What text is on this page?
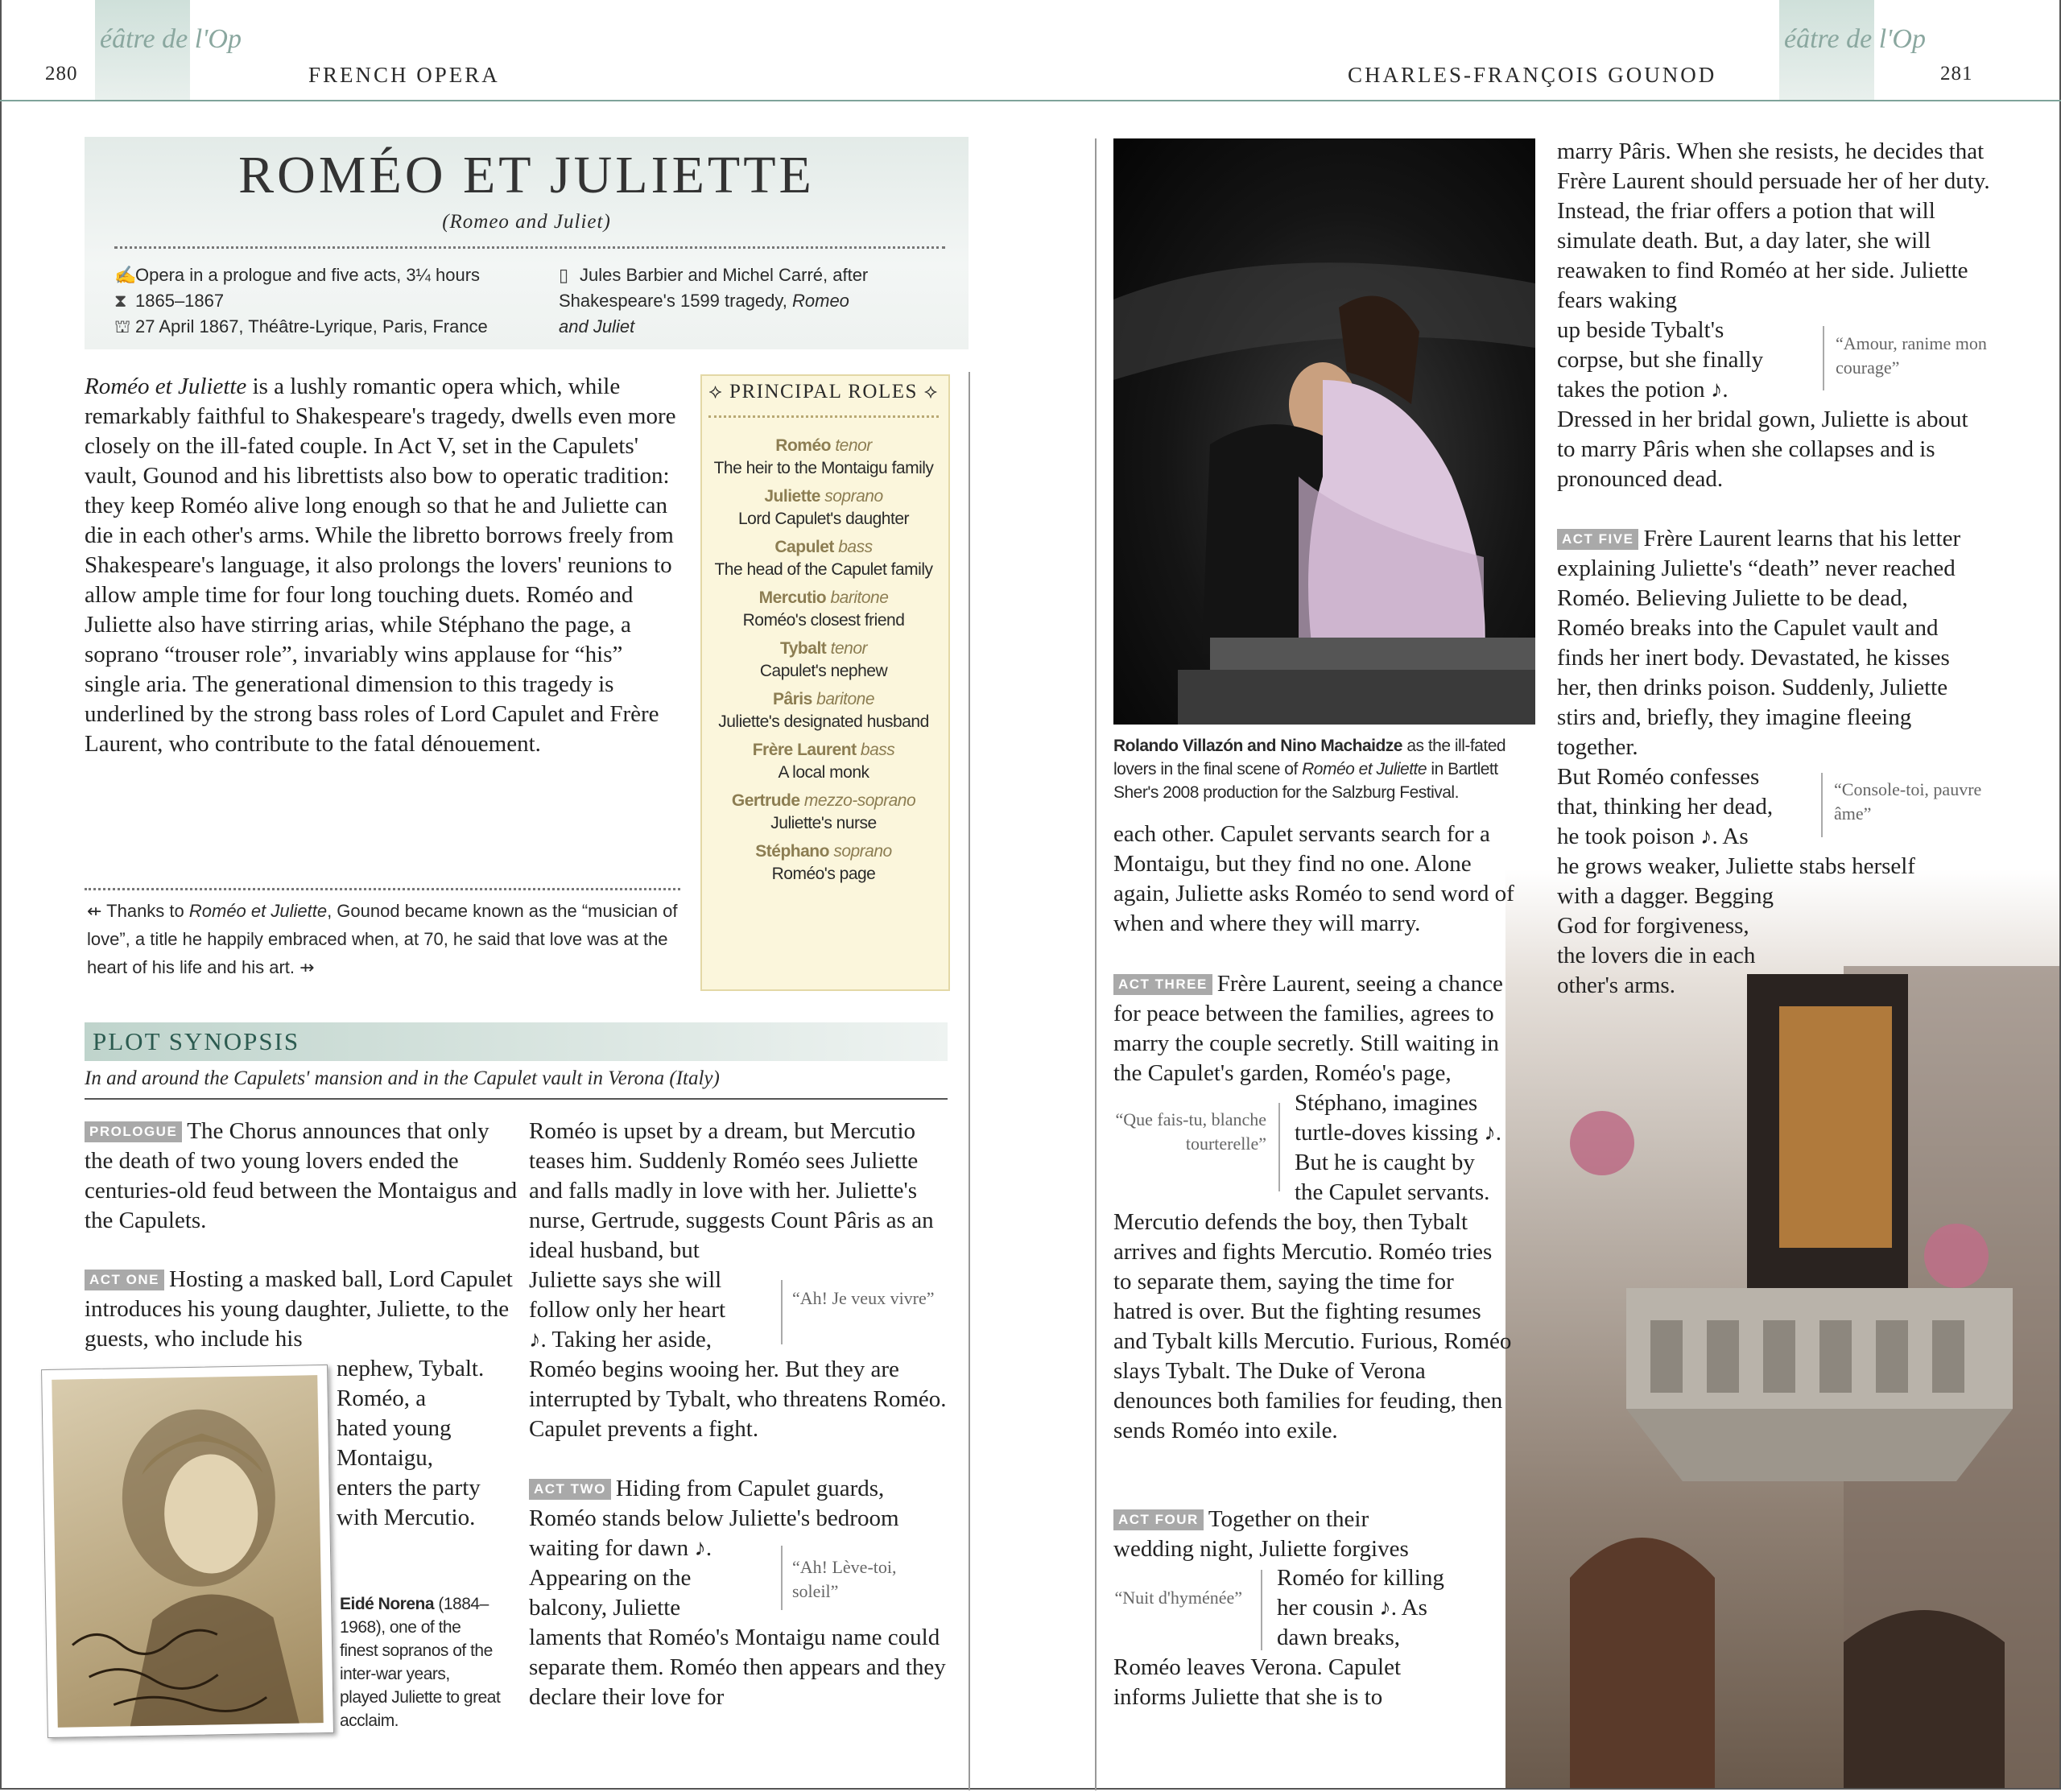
éâtre de l'Op	éâtre de l'Op
280	FRENCH OPERA	CHARLES-FRANÇOIS GOUNOD	281
ROMÉO ET JULIETTE
(Romeo and Juliet)
✍Opera in a prologue and five acts, 3¼ hours
⧗ 1865–1867
⛫ 27 April 1867, Théâtre-Lyrique, Paris, France
▯ Jules Barbier and Michel Carré, after
Shakespeare's 1599 tragedy, Romeo
and Juliet

Roméo et Juliette is a lushly romantic opera which, while remarkably faithful to Shakespeare's tragedy, dwells even more closely on the ill-fated couple. In Act V, set in the Capulets' vault, Gounod and his librettists also bow to operatic tradition: they keep Roméo alive long enough so that he and Juliette can die in each other's arms. While the libretto borrows freely from Shakespeare's language, it also prolongs the lovers' reunions to allow ample time for four long touching duets. Roméo and Juliette also have stirring arias, while Stéphano the page, a soprano “trouser role”, invariably wins applause for “his” single aria. The generational dimension to this tragedy is underlined by the strong bass roles of Lord Capulet and Frère Laurent, who contribute to the fatal dénouement.

⇷ Thanks to Roméo et Juliette, Gounod became known as the “musician of love”, a title he happily embraced when, at 70, he said that love was at the heart of his life and his art. ⇸
⟡ PRINCIPAL ROLES ⟡
Roméo tenor
The heir to the Montaigu family
Juliette soprano
Lord Capulet's daughter
Capulet bass
The head of the Capulet family
Mercutio baritone
Roméo's closest friend
Tybalt tenor
Capulet's nephew
Pâris baritone
Juliette's designated husband
Frère Laurent bass
A local monk
Gertrude mezzo-soprano
Juliette's nurse
Stéphano soprano
Roméo's page
PLOT SYNOPSIS
In and around the Capulets' mansion and in the Capulet vault in Verona (Italy)

PROLOGUE The Chorus announces that only the death of two young lovers ended the centuries-old feud between the Montaigus and the Capulets.

ACT ONE Hosting a masked ball, Lord Capulet introduces his young daughter, Juliette, to the guests, who include his

nephew, Tybalt.
Roméo, a
hated young
Montaigu,
enters the party
with Mercutio.
Eidé Norena (1884–1968), one of the finest sopranos of the inter-war years, played Juliette to great acclaim.

Roméo is upset by a dream, but Mercutio teases him. Suddenly Roméo sees Juliette and falls madly in love with her. Juliette's nurse, Gertrude, suggests Count Pâris as an ideal husband, but

Juliette says she will
follow only her heart
♪. Taking her aside,
“Ah! Je veux vivre”

Roméo begins wooing her. But they are interrupted by Tybalt, who threatens Roméo. Capulet prevents a fight.

ACT TWO Hiding from Capulet guards, Roméo stands below Juliette's bedroom

waiting for dawn ♪.
Appearing on the
balcony, Juliette
“Ah! Lève-toi, soleil”

laments that Roméo's Montaigu name could separate them. Roméo then appears and they declare their love for

Rolando Villazón and Nino Machaidze as the ill-fated lovers in the final scene of Roméo et Juliette in Bartlett Sher's 2008 production for the Salzburg Festival.

each other. Capulet servants search for a Montaigu, but they find no one. Alone again, Juliette asks Roméo to send word of when and where they will marry.

ACT THREE Frère Laurent, seeing a chance for peace between the families, agrees to marry the couple secretly. Still waiting in the Capulet's garden, Roméo's page,

“Que fais-tu, blanche tourterelle”
Stéphano, imagines
turtle-doves kissing ♪.
But he is caught by
the Capulet servants.

Mercutio defends the boy, then Tybalt arrives and fights Mercutio. Roméo tries to separate them, saying the time for hatred is over. But the fighting resumes and Tybalt kills Mercutio. Furious, Roméo slays Tybalt. The Duke of Verona denounces both families for feuding, then sends Roméo into exile.

ACT FOUR Together on their wedding night, Juliette forgives

“Nuit d'hyménée”
Roméo for killing
her cousin ♪. As
dawn breaks,

Roméo leaves Verona. Capulet informs Juliette that she is to

marry Pâris. When she resists, he decides that Frère Laurent should persuade her of her duty. Instead, the friar offers a potion that will simulate death. But, a day later, she will reawaken to find Roméo at her side. Juliette fears waking

up beside Tybalt's
corpse, but she finally
takes the potion ♪.
“Amour, ranime mon courage”

Dressed in her bridal gown, Juliette is about to marry Pâris when she collapses and is pronounced dead.

ACT FIVE Frère Laurent learns that his letter explaining Juliette's “death” never reached Roméo. Believing Juliette to be dead, Roméo breaks into the Capulet vault and finds her inert body. Devastated, he kisses her, then drinks poison. Suddenly, Juliette stirs and, briefly, they imagine fleeing together.

But Roméo confesses
that, thinking her dead,
he took poison ♪. As
“Console-toi, pauvre âme”
he grows weaker, Juliette stabs herself
with a dagger. Begging
God for forgiveness,
the lovers die in each
other's arms.
